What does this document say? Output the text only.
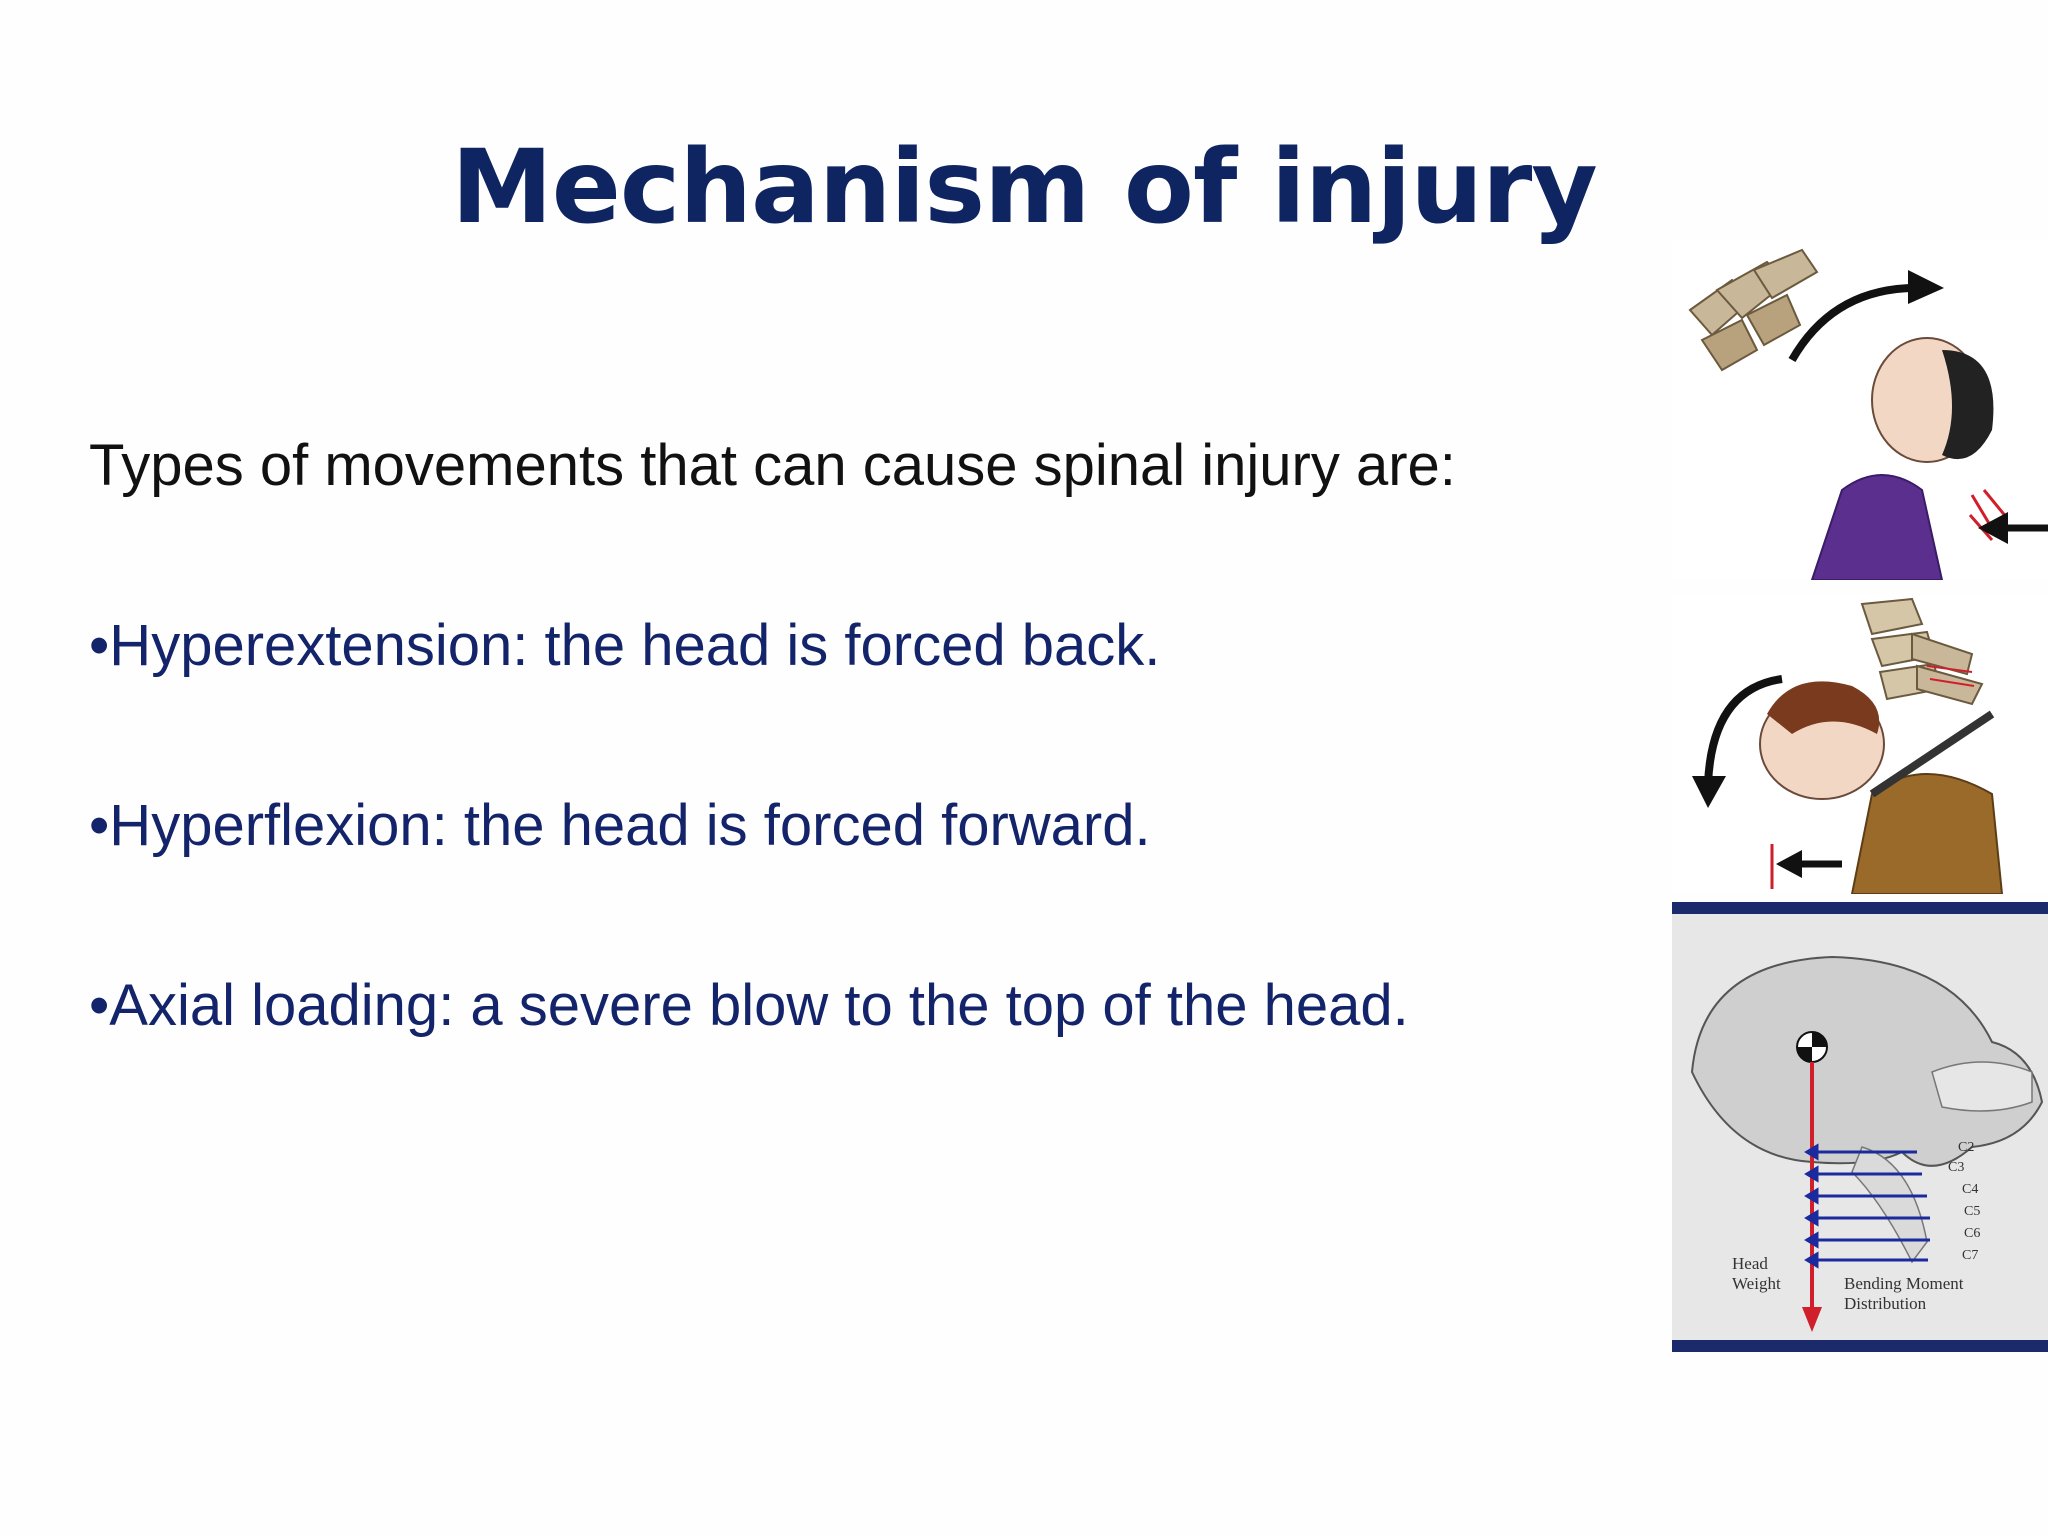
Mechanism of injury
Types of movements that can cause spinal injury are:
•Hyperextension: the head is forced back.
•Hyperflexion: the head is forced forward.
•Axial loading: a severe blow to the top of the head.
C2
C3
C4
C5
C6
C7
Head
Weight	Bending Moment
Distribution
